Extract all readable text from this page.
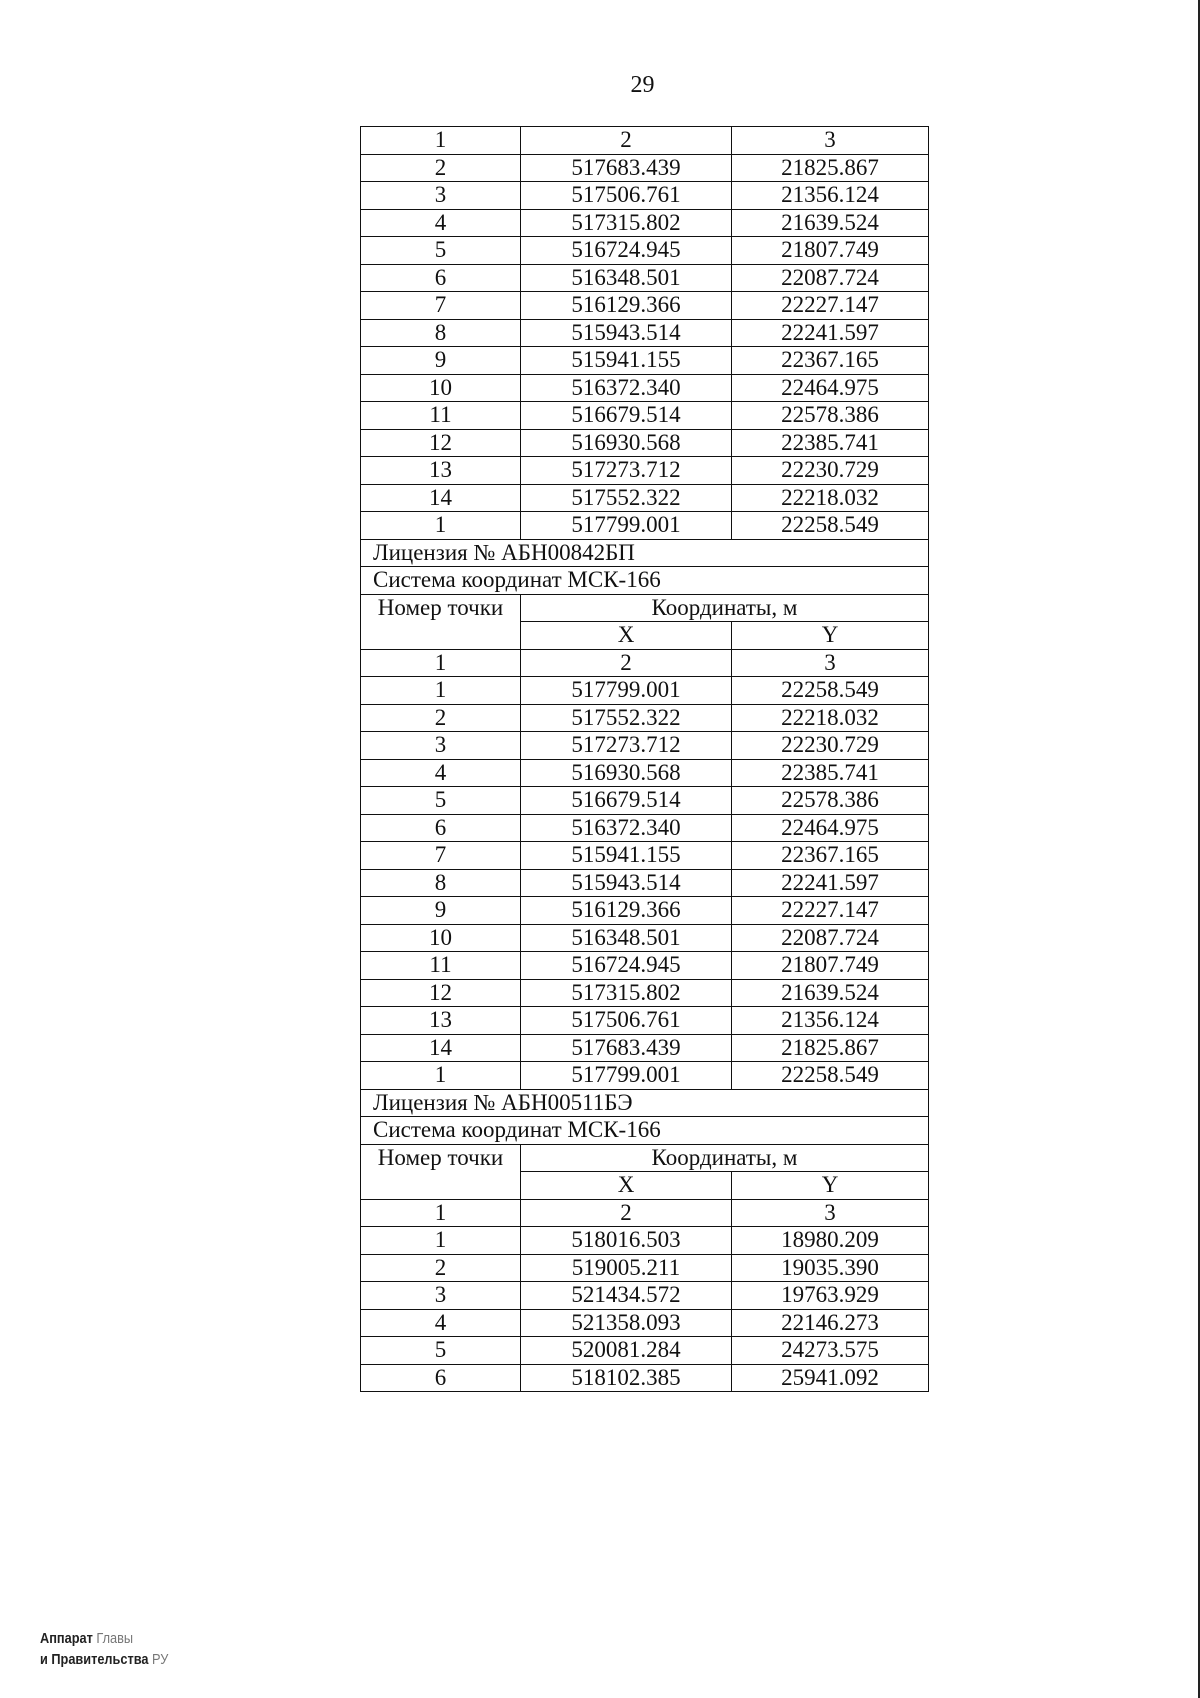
29
1	2	3
2	517683.439	21825.867
3	517506.761	21356.124
4	517315.802	21639.524
5	516724.945	21807.749
6	516348.501	22087.724
7	516129.366	22227.147
8	515943.514	22241.597
9	515941.155	22367.165
10	516372.340	22464.975
11	516679.514	22578.386
12	516930.568	22385.741
13	517273.712	22230.729
14	517552.322	22218.032
1	517799.001	22258.549
Лицензия № АБН00842БП		
Система координат МСК-166		
Номер точки	Координаты, м	
	X	Y
1	2	3
1	517799.001	22258.549
2	517552.322	22218.032
3	517273.712	22230.729
4	516930.568	22385.741
5	516679.514	22578.386
6	516372.340	22464.975
7	515941.155	22367.165
8	515943.514	22241.597
9	516129.366	22227.147
10	516348.501	22087.724
11	516724.945	21807.749
12	517315.802	21639.524
13	517506.761	21356.124
14	517683.439	21825.867
1	517799.001	22258.549
Лицензия № АБН00511БЭ		
Система координат МСК-166		
Номер точки	Координаты, м	
	X	Y
1	2	3
1	518016.503	18980.209
2	519005.211	19035.390
3	521434.572	19763.929
4	521358.093	22146.273
5	520081.284	24273.575
6	518102.385	25941.092
Аппарат Главы
и Правительства РУ
